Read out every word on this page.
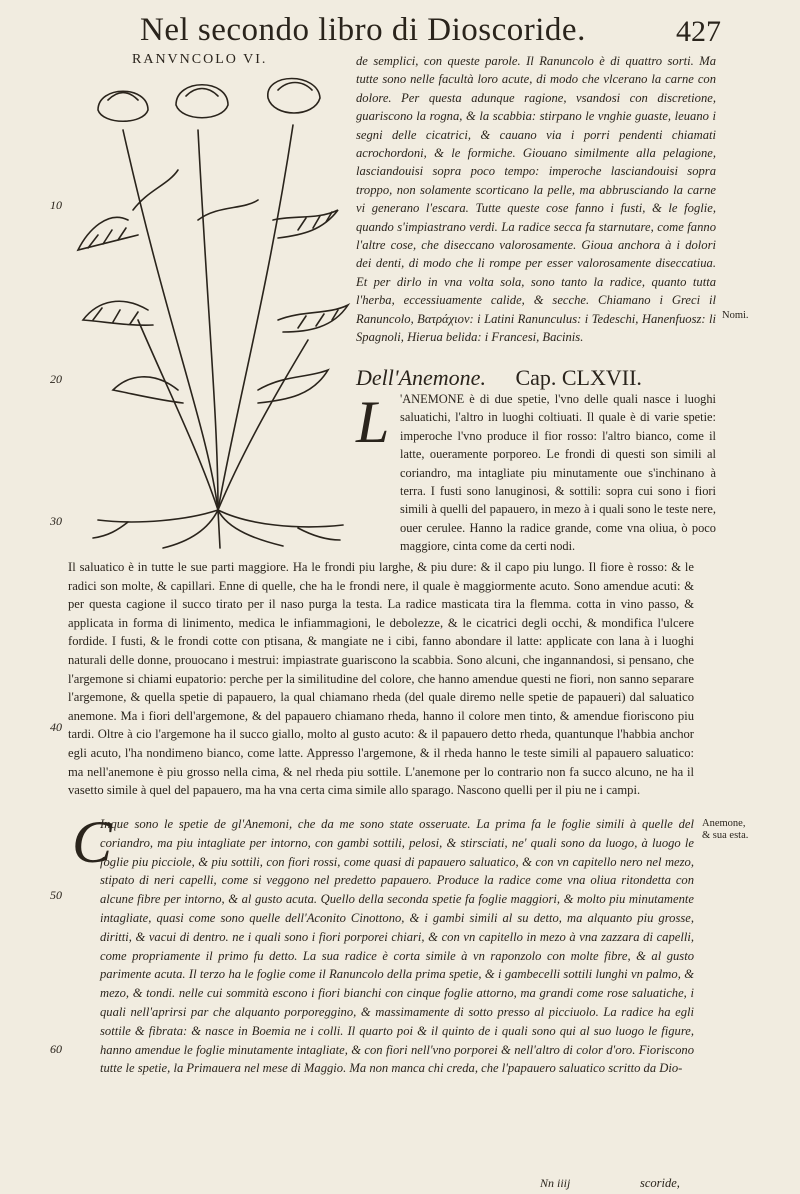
Nel secondo libro di Dioscoride.	427
RANVNCOLO VI.
10
20
30
40
50
60

de semplici, con queste parole. Il Ranuncolo è di quattro sorti. Ma tutte sono nelle facultà loro acute, di modo che vlcerano la carne con dolore. Per questa adunque ragione, vsandosi con discretione, guariscono la rogna, & la scabbia: stirpano le vnghie guaste, leuano i segni delle cicatrici, & cauano via i porri pendenti chiamati acrochordoni, & le formiche. Giouano similmente alla pelagione, lasciandouisi sopra poco tempo: imperoche lasciandouisi sopra troppo, non solamente scorticano la pelle, ma abbrusciando la carne vi generano l'escara. Tutte queste cose fanno i fusti, & le foglie, quando s'impiastrano verdi. La radice secca fa starnutare, come fanno l'altre cose, che diseccano valorosamente. Gioua anchora à i dolori dei denti, di modo che li rompe per esser valorosamente diseccatiua. Et per dirlo in vna volta sola, sono tanto la radice, quanto tutta l'herba, eccessiuamente calide, & secche. Chiamano i Greci il Ranuncolo, Βατράχιον: i Latini Ranunculus: i Tedeschi, Hanenfuosz: li Spagnoli, Hierua belida: i Francesi, Bacinis.

Nomi.
Dell'Anemone. Cap. CLXVII.
L 'ANEMONE è di due spetie, l'vno delle quali nasce i luoghi saluatichi, l'altro in luoghi coltiuati. Il quale è di varie spetie: imperoche l'vno produce il fior rosso: l'altro bianco, come il latte, oueramente porporeo. Le frondi di questi son simili al coriandro, ma intagliate piu minutamente oue s'inchinano à terra. I fusti sono lanuginosi, & sottili: sopra cui sono i fiori simili à quelli del papauero, in mezo à i quali sono le teste nere, ouer cerulee. Hanno la radice grande, come vna oliua, ò poco maggiore, cinta come da certi nodi.

Il saluatico è in tutte le sue parti maggiore. Ha le frondi piu larghe, & piu dure: & il capo piu lungo. Il fiore è rosso: & le radici son molte, & capillari. Enne di quelle, che ha le frondi nere, il quale è maggiormente acuto. Sono amendue acuti: & per questa cagione il succo tirato per il naso purga la testa. La radice masticata tira la flemma. cotta in vino passo, & applicata in forma di linimento, medica le infiammagioni, le debolezze, & le cicatrici degli occhi, & mondifica l'ulcere fordide. I fusti, & le frondi cotte con ptisana, & mangiate ne i cibi, fanno abondare il latte: applicate con lana à i luoghi naturali delle donne, prouocano i mestrui: impiastrate guariscono la scabbia. Sono alcuni, che ingannandosi, si pensano, che l'argemone si chiami eupatorio: perche per la similitudine del colore, che hanno amendue questi ne fiori, non sanno separare l'argemone, & quella spetie di papauero, la qual chiamano rheda (del quale diremo nelle spetie de papaueri) dal saluatico anemone. Ma i fiori dell'argemone, & del papauero chiamano rheda, hanno il colore men tinto, & amendue fioriscono piu tardi. Oltre à cio l'argemone ha il succo giallo, molto al gusto acuto: & il papauero detto rheda, quantunque l'habbia anchor egli acuto, l'ha nondimeno bianco, come latte. Appresso l'argemone, & il rheda hanno le teste simili al papauero saluatico: ma nell'anemone è piu grosso nella cima, & nel rheda piu sottile. L'anemone per lo contrario non fa succo alcuno, ne ha il vasetto simile à quel del papauero, ma ha vna certa cima simile allo sparago. Nascono quelli per il piu ne i campi.

C

Inque sono le spetie de gl'Anemoni, che da me sono state osseruate. La prima fa le foglie simili à quelle del coriandro, ma piu intagliate per intorno, con gambi sottili, pelosi, & stirsciati, ne' quali sono da luogo, à luogo le foglie piu picciole, & piu sottili, con fiori rossi, come quasi di papauero saluatico, & con vn capitello nero nel mezo, stipato di neri capelli, come si veggono nel predetto papauero. Produce la radice come vna oliua ritondetta con alcune fibre per intorno, & al gusto acuta. Quello della seconda spetie fa foglie maggiori, & molto piu minutamente intagliate, quasi come sono quelle dell'Aconito Cinottono, & i gambi simili al su detto, ma alquanto piu grosse, diritti, & vacui di dentro. ne i quali sono i fiori porporei chiari, & con vn capitello in mezo à vna zazzara di capelli, come propriamente il primo fu detto. La sua radice è corta simile à vn raponzolo con molte fibre, & al gusto parimente acuta. Il terzo ha le foglie come il Ranuncolo della prima spetie, & i gambecelli sottili lunghi vn palmo, & mezo, & tondi. nelle cui sommità escono i fiori bianchi con cinque foglie attorno, ma grandi come rose saluatiche, i quali nell'aprirsi par che alquanto porporeggino, & massimamente di sotto presso al picciuolo. La radice ha egli sottile & fibrata: & nasce in Boemia ne i colli. Il quarto poi & il quinto de i quali sono qui al suo luogo le figure, hanno amendue le foglie minutamente intagliate, & con fiori nell'vno porporei & nell'altro di color d'oro. Fioriscono tutte le spetie, la Primauera nel mese di Maggio. Ma non manca chi creda, che l'papauero saluatico scritto da Dio-

Anemone,
& sua esta.
Nn iiij	scoride,
